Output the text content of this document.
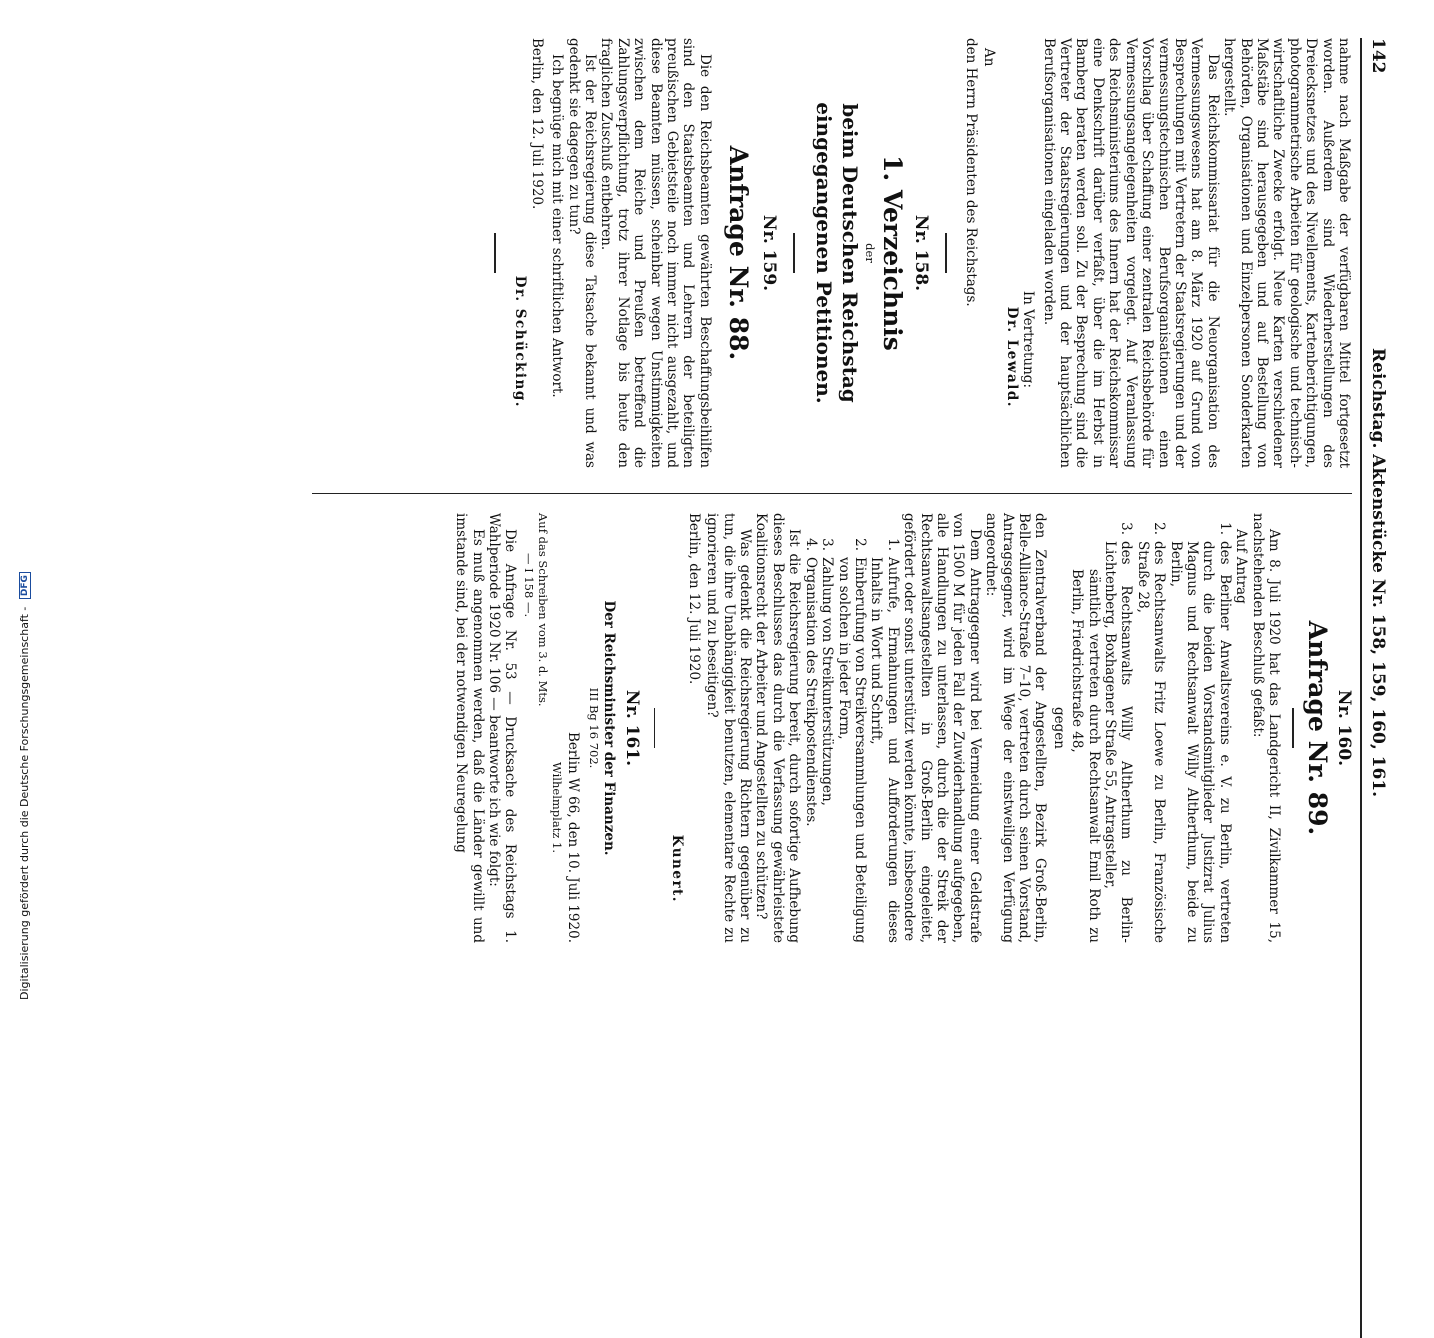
142
Reichstag. Aktenstücke Nr. 158, 159, 160, 161.

nahme nach Maßgabe der verfügbaren Mittel fortgesetzt worden. Außerdem sind Wiederherstellungen des Dreiecksnetzes und des Nivellements, Kartenberichtigungen, photogrammetrische Arbeiten für geologische und technisch-wirtschaftliche Zwecke erfolgt. Neue Karten verschiedener Maßstäbe sind herausgegeben und auf Bestellung von Behörden, Organisationen und Einzelpersonen Sonderkarten hergestellt.

Das Reichskommissariat für die Neuorganisation des Vermessungswesens hat am 8. März 1920 auf Grund von Besprechungen mit Vertretern der Staatsregierungen und der vermessungstechnischen Berufsorganisationen einen Vorschlag über Schaffung einer zentralen Reichsbehörde für Vermessungsangelegenheiten vorgelegt. Auf Veranlassung des Reichsministeriums des Innern hat der Reichskommissar eine Denkschrift darüber verfaßt, über die im Herbst in Bamberg beraten werden soll. Zu der Besprechung sind die Vertreter der Staatsregierungen und der hauptsächlichen Berufsorganisationen eingeladen worden.

In Vertretung:

Dr. Lewald.

An

den Herrn Präsidenten des Reichstags.

Nr. 158.

1. Verzeichnis

der

beim Deutschen Reichstag eingegangenen Petitionen.

Nr. 159.

Anfrage Nr. 88.

Die den Reichsbeamten gewährten Beschaffungsbeihilfen sind den Staatsbeamten und Lehrern der beteiligten preußischen Gebietsteile noch immer nicht ausgezahlt, und diese Beamten müssen, scheinbar wegen Unstimmigkeiten zwischen dem Reiche und Preußen betreffend die Zahlungsverpflichtung, trotz ihrer Notlage bis heute den fraglichen Zuschuß entbehren.

Ist der Reichsregierung diese Tatsache bekannt und was gedenkt sie dagegen zu tun?

Ich begnüge mich mit einer schriftlichen Antwort.

Berlin, den 12. Juli 1920.

Dr. Schücking.

Nr. 160.

Anfrage Nr. 89.

Am 8. Juli 1920 hat das Landgericht II, Zivilkammer 15, nachstehenden Beschluß gefaßt:

Auf Antrag

1.des Berliner Anwaltsvereins e. V. zu Berlin, vertreten durch die beiden Vorstandsmitglieder Justizrat Julius Magnus und Rechtsanwalt Willy Altherthum, beide zu Berlin,

2.des Rechtsanwalts Fritz Loewe zu Berlin, Französische Straße 28,

3.des Rechtsanwalts Willy Altherthum zu Berlin-Lichtenberg, Boxhagener Straße 55, Antragsteller,

sämtlich vertreten durch Rechtsanwalt Emil Roth zu Berlin, Friedrichstraße 48,

gegen

den Zentralverband der Angestellten, Bezirk Groß-Berlin, Belle-Alliance-Straße 7–10, vertreten durch seinen Vorstand, Antragsgegner, wird im Wege der einstweiligen Verfügung angeordnet:

Dem Antraggegner wird bei Vermeidung einer Geldstrafe von 1500 M für jeden Fall der Zuwiderhandlung aufgegeben, alle Handlungen zu unterlassen, durch die der Streik der Rechtsanwaltsangestellten in Groß-Berlin eingeleitet, gefördert oder sonst unterstützt werden könnte, insbesondere

1.Aufrufe, Ermahnungen und Aufforderungen dieses Inhalts in Wort und Schrift,

2.Einberufung von Streikversammlungen und Beteiligung von solchen in jeder Form,

3.Zahlung von Streikunterstützungen,

4.Organisation des Streikpostendienstes.

Ist die Reichsregierung bereit, durch sofortige Aufhebung dieses Beschlusses das durch die Verfassung gewährleistete Koalitionsrecht der Arbeiter und Angestellten zu schützen?

Was gedenkt die Reichsregierung Richtern gegenüber zu tun, die ihre Unabhängigkeit benutzen, elementare Rechte zu ignorieren und zu beseitigen?

Berlin, den 12. Juli 1920.

Kunert.

Nr. 161.

Der Reichsminister der Finanzen.

III Bg 16 702.

Berlin W 66, den 10. Juli 1920.

Wilhelmplatz 1.

Auf das Schreiben vom 3. d. Mts.

— I 158 —.

Die Anfrage Nr. 53 — Drucksache des Reichstags 1. Wahlperiode 1920 Nr. 106 — beantworte ich wie folgt:

Es muß angenommen werden, daß die Länder gewillt und imstande sind, bei der notwendigen Neuregelung

Digitalisierung gefördert durch die Deutsche Forschungsgemeinschaft - DFG
